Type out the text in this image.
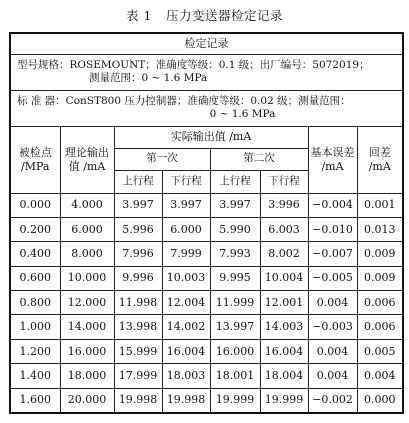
表 1 压力变送器检定记录
检定记录							
型号规格：ROSEMOUNT；准确度等级：0.1 级；出厂编号：5072019；
测量范围：0 ~ 1.6 MPa							

标 准 器：ConST800 压力控制器；准确度等级：0.02 级；测量范围：
0 ~ 1.6 MPa							

被检点 /MPa	理论输出值 /mA	实际输出值 /mA				基本误差 /mA	回差 /mA
		第一次		第二次			
		上行程	下行程	上行程	下行程		
0.000	4.000	3.997	3.997	3.997	3.996	−0.004	0.001
0.200	6.000	5.996	6.000	5.990	6.003	−0.010	0.013
0.400	8.000	7.996	7.999	7.993	8.002	−0.007	0.009
0.600	10.000	9.996	10.003	9.995	10.004	−0.005	0.009
0.800	12.000	11.998	12.004	11.999	12.001	0.004	0.006
1.000	14.000	13.998	14.002	13.997	14.003	−0.003	0.006
1.200	16.000	15.999	16.004	16.000	16.004	0.004	0.005
1.400	18.000	17.999	18.003	18.001	18.004	0.004	0.004
1.600	20.000	19.998	19.998	19.999	19.999	−0.002	0.000
